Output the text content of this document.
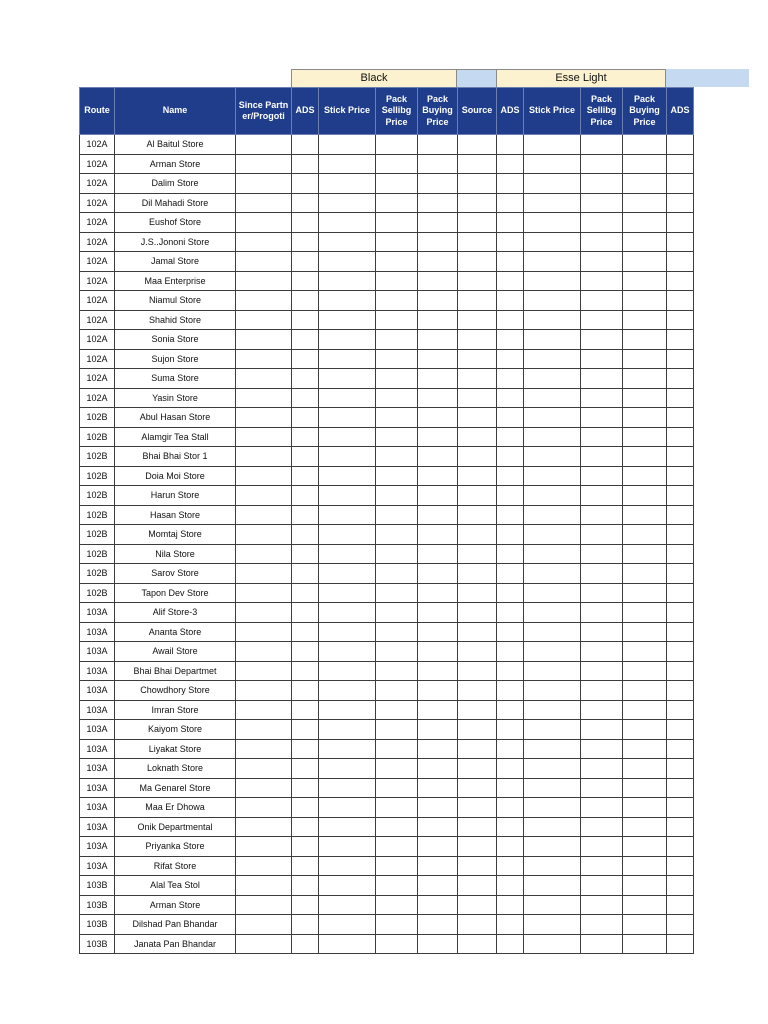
Black	Esse Light
Route	Name	Since Partner/Progoti	ADS	Stick Price	Pack Sellibg Price	Pack Buying Price	Source	ADS	Stick Price	Pack Sellibg Price	Pack Buying Price	ADS
102A	Al Baitul Store											
102A	Arman Store											
102A	Dalim Store											
102A	Dil Mahadi Store											
102A	Eushof Store											
102A	J.S..Jononi Store											
102A	Jamal Store											
102A	Maa Enterprise											
102A	Niamul Store											
102A	Shahid Store											
102A	Sonia Store											
102A	Sujon Store											
102A	Suma Store											
102A	Yasin Store											
102B	Abul Hasan Store											
102B	Alamgir Tea Stall											
102B	Bhai Bhai Stor 1											
102B	Doia Moi Store											
102B	Harun Store											
102B	Hasan Store											
102B	Momtaj Store											
102B	Nila Store											
102B	Sarov Store											
102B	Tapon Dev Store											
103A	Alif Store-3											
103A	Ananta Store											
103A	Awail Store											
103A	Bhai Bhai Departmet											
103A	Chowdhory Store											
103A	Imran Store											
103A	Kaiyom Store											
103A	Liyakat Store											
103A	Loknath Store											
103A	Ma Genarel Store											
103A	Maa Er Dhowa											
103A	Onik Departmental											
103A	Priyanka Store											
103A	Rifat Store											
103B	Alal Tea Stol											
103B	Arman Store											
103B	Dilshad Pan Bhandar											
103B	Janata Pan Bhandar											
